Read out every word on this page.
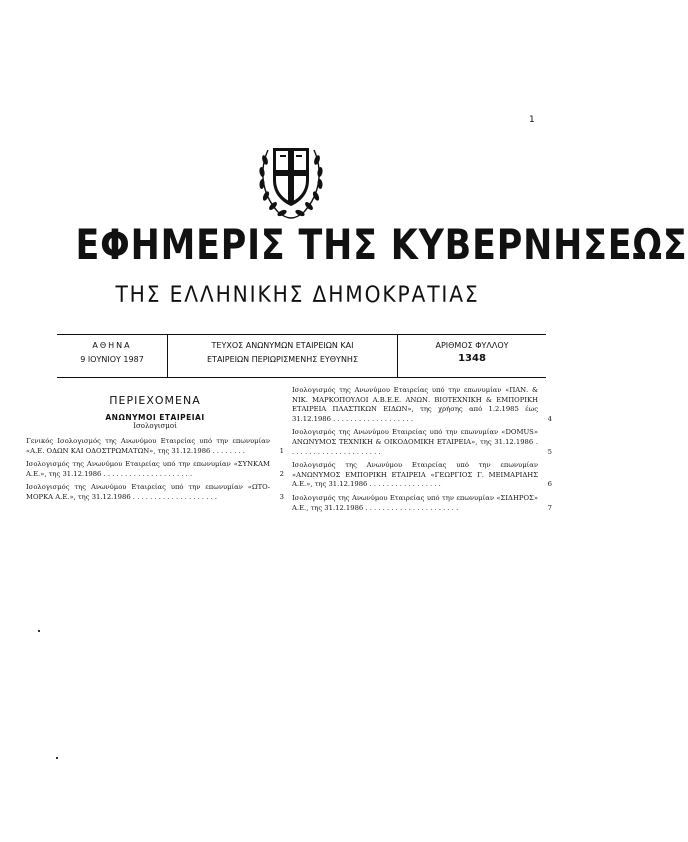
1
ΕΦΗΜΕΡΙΣ ΤΗΣ ΚΥΒΕΡΝΗΣΕΩΣ
ΤΗΣ ΕΛΛΗΝΙΚΗΣ ΔΗΜΟΚΡΑΤΙΑΣ
ΑΘΗΝΑ
9 ΙΟΥΝΙΟΥ 1987
ΤΕΥΧΟΣ ΑΝΩΝΥΜΩΝ ΕΤΑΙΡΕΙΩΝ ΚΑΙ
ΕΤΑΙΡΕΙΩΝ ΠΕΡΙΩΡΙΣΜΕΝΗΣ ΕΥΘΥΝΗΣ
ΑΡΙΘΜΟΣ ΦΥΛΛΟΥ
1348
ΠΕΡΙΕΧΟΜΕΝΑ
ΑΝΩΝΥΜΟΙ ΕΤΑΙΡΕΙΑΙ
Ισολογισμοί
Γενικός Ισολογισμός της Ανωνύμου Εταιρείας υπό την επωνυμίαν «Α.Ε. ΟΔΩΝ ΚΑΙ ΟΔΟΣΤΡΩΜΑΤΩΝ», της 31.12.1986 . . . . . . . .	1
Ισολογισμός της Ανωνύμου Εταιρείας υπό την επωνυμίαν «ΣΥΝΚΑΜ Α.Ε.», της 31.12.1986 . . . . . . . . . . . . . . . . . . . . .	2
Ισολογισμός της Ανωνύμου Εταιρείας υπό την επωνυμίαν «ΩΤΟ-ΜΟΡΚΑ Α.Ε.», της 31.12.1986 . . . . . . . . . . . . . . . . . . . .	3
Ισολογισμός της Ανωνύμου Εταιρείας υπό την επωνυμίαν «ΠΑΝ. & ΝΙΚ. ΜΑΡΚΟΠΟΥΛΟΙ Α.Β.Ε.Ε. ΑΝΩΝ. ΒΙΟΤΕΧΝΙΚΗ & ΕΜΠΟΡΙΚΗ ΕΤΑΙΡΕΙΑ ΠΛΑΣΤΙΚΩΝ ΕΙΔΩΝ», της χρήσης από 1.2.1985 έως 31.12.1986 . . . . . . . . . . . . . . . . . . .	4
Ισολογισμός της Ανωνύμου Εταιρείας υπό την επωνυμίαν «DOMUS» ΑΝΩΝΥΜΟΣ ΤΕΧΝΙΚΗ & ΟΙΚΟΔΟΜΙΚΗ ΕΤΑΙΡΕΙΑ», της 31.12.1986 . . . . . . . . . . . . . . . . . . . . . .	5
Ισολογισμός της Ανωνύμου Εταιρείας υπό την επωνυμίαν «ΑΝΩΝΥΜΟΣ ΕΜΠΟΡΙΚΗ ΕΤΑΙΡΕΙΑ «ΓΕΩΡΓΙΟΣ Γ. ΜΕΙΜΑΡΙΔΗΣ Α.Ε.», της 31.12.1986 . . . . . . . . . . . . . . . . .	6
Ισολογισμός της Ανωνύμου Εταιρείας υπό την επωνυμίαν «ΣΙΔΗΡΟΣ» Α.Ε., της 31.12.1986 . . . . . . . . . . . . . . . . . . . . . .	7
